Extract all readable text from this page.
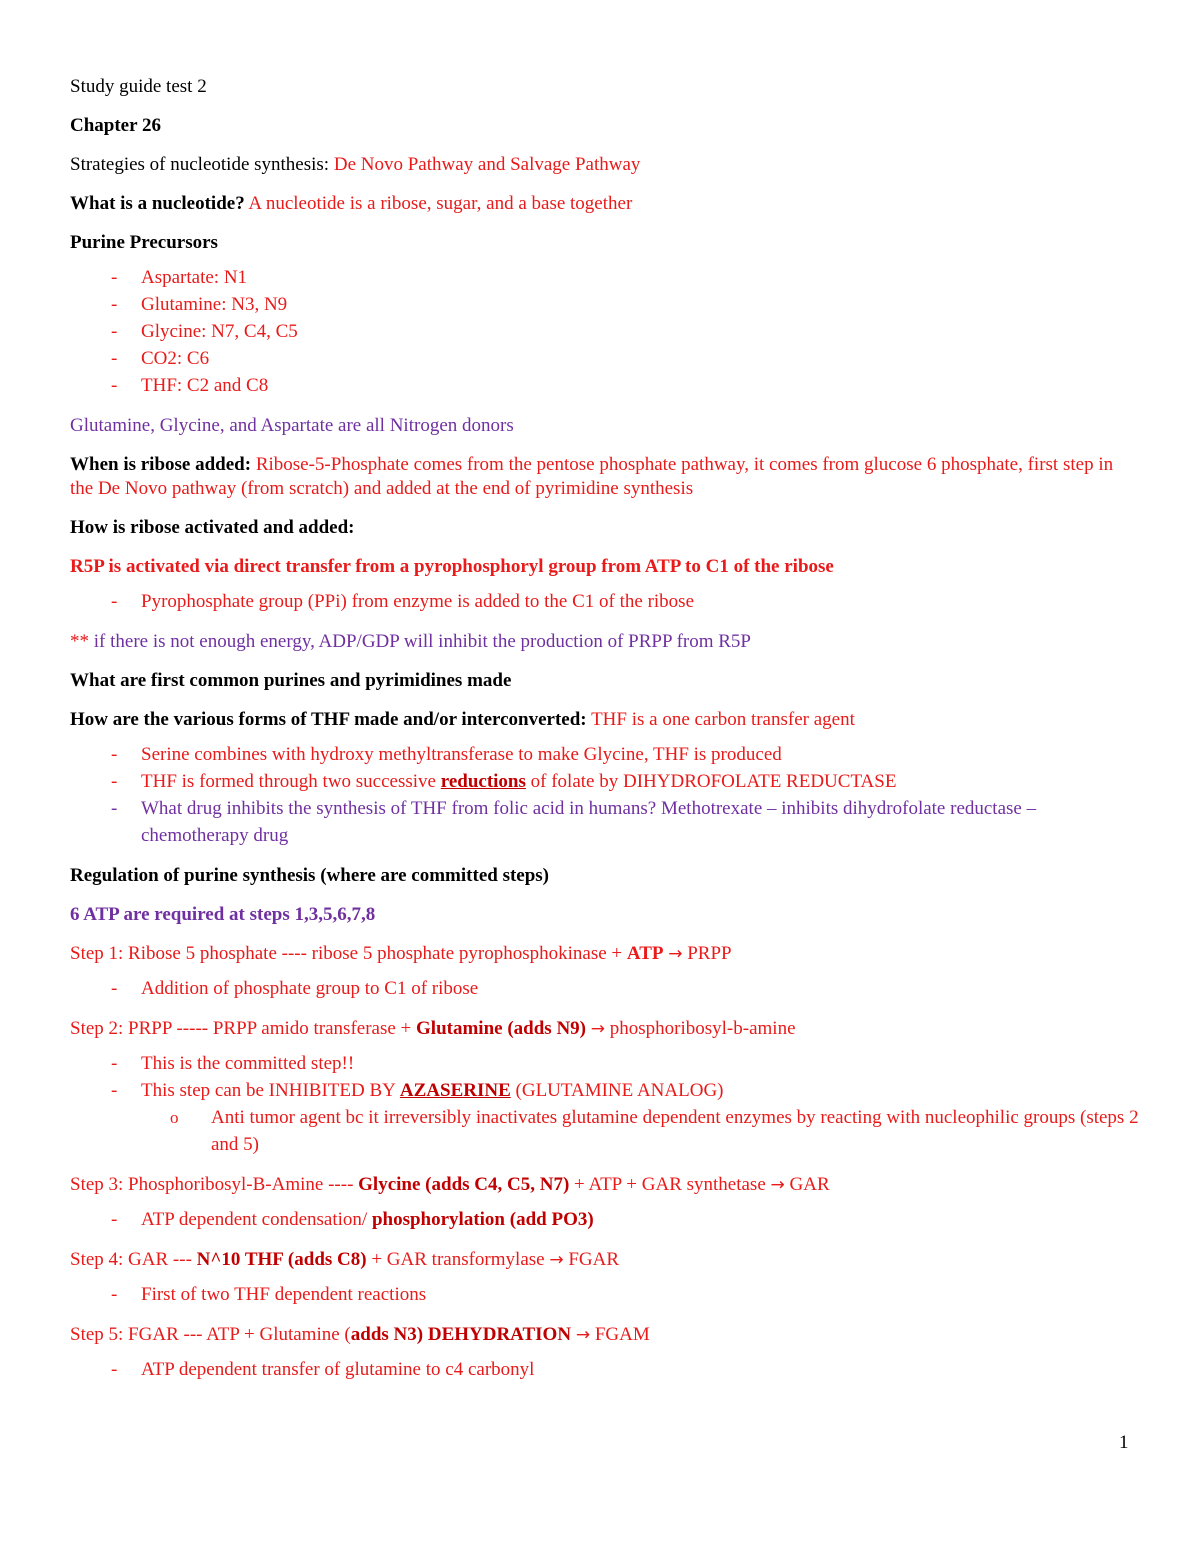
Study guide test 2

Chapter 26

Strategies of nucleotide synthesis: De Novo Pathway and Salvage Pathway

What is a nucleotide? A nucleotide is a ribose, sugar, and a base together

Purine Precursors

- Aspartate: N1
- Glutamine: N3, N9
- Glycine: N7, C4, C5
- CO2: C6
- THF: C2 and C8

Glutamine, Glycine, and Aspartate are all Nitrogen donors

When is ribose added: Ribose-5-Phosphate comes from the pentose phosphate pathway, it comes from glucose 6 phosphate, first step in the De Novo pathway (from scratch) and added at the end of pyrimidine synthesis

How is ribose activated and added:

R5P is activated via direct transfer from a pyrophosphoryl group from ATP to C1 of the ribose

- Pyrophosphate group (PPi) from enzyme is added to the C1 of the ribose

** if there is not enough energy, ADP/GDP will inhibit the production of PRPP from R5P

What are first common purines and pyrimidines made

How are the various forms of THF made and/or interconverted: THF is a one carbon transfer agent

- Serine combines with hydroxy methyltransferase to make Glycine, THF is produced
- THF is formed through two successive reductions of folate by DIHYDROFOLATE REDUCTASE
- What drug inhibits the synthesis of THF from folic acid in humans? Methotrexate – inhibits dihydrofolate reductase – chemotherapy drug

Regulation of purine synthesis (where are committed steps)

6 ATP are required at steps 1,3,5,6,7,8

Step 1: Ribose 5 phosphate ---- ribose 5 phosphate pyrophosphokinase + ATP → PRPP

- Addition of phosphate group to C1 of ribose

Step 2: PRPP ----- PRPP amido transferase + Glutamine (adds N9) → phosphoribosyl-b-amine

- This is the committed step!!
- This step can be INHIBITED BY AZASERINE (GLUTAMINE ANALOG)
o Anti tumor agent bc it irreversibly inactivates glutamine dependent enzymes by reacting with nucleophilic groups (steps 2 and 5)

Step 3: Phosphoribosyl-B-Amine ---- Glycine (adds C4, C5, N7) + ATP + GAR synthetase → GAR

- ATP dependent condensation/ phosphorylation (add PO3)

Step 4: GAR --- N^10 THF (adds C8) + GAR transformylase → FGAR

- First of two THF dependent reactions

Step 5: FGAR --- ATP + Glutamine (adds N3) DEHYDRATION → FGAM

- ATP dependent transfer of glutamine to c4 carbonyl
1
